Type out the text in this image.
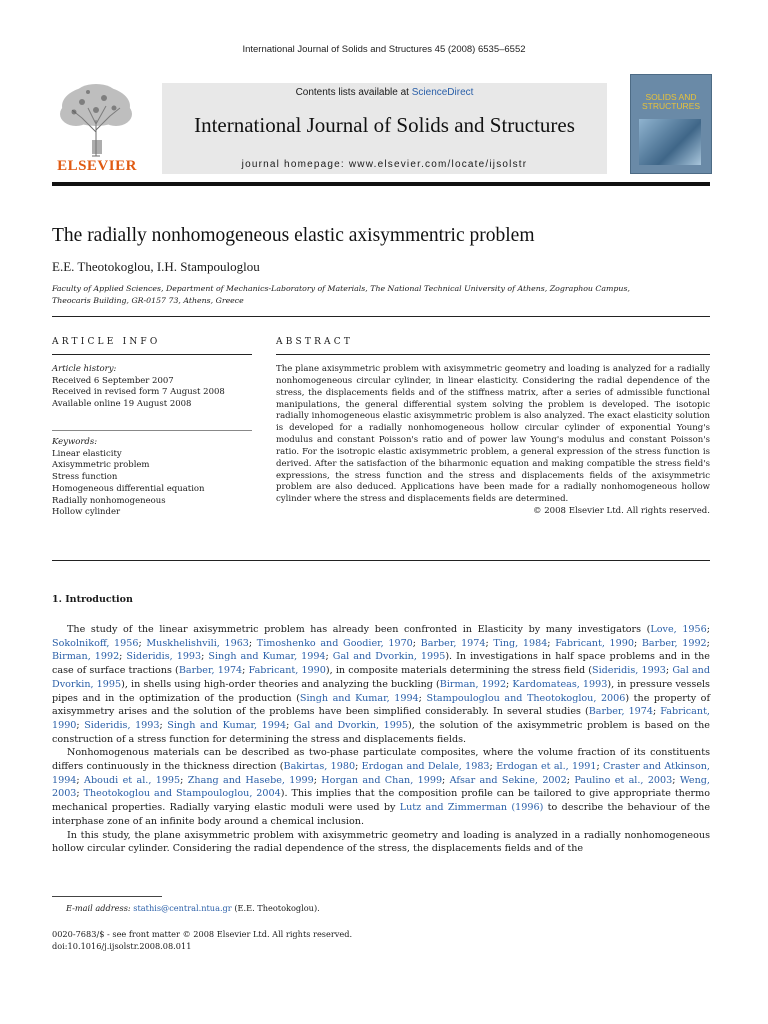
International Journal of Solids and Structures 45 (2008) 6535–6552
ELSEVIER
Contents lists available at ScienceDirect
International Journal of Solids and Structures
journal homepage: www.elsevier.com/locate/ijsolstr
SOLIDS AND
STRUCTURES
The radially nonhomogeneous elastic axisymmentric problem
E.E. Theotokoglou, I.H. Stampouloglou
Faculty of Applied Sciences, Department of Mechanics-Laboratory of Materials, The National Technical University of Athens, Zographou Campus,
Theocaris Building, GR-0157 73, Athens, Greece
ARTICLE INFO	ABSTRACT
Article history:
Received 6 September 2007
Received in revised form 7 August 2008
Available online 19 August 2008
Keywords:
Linear elasticity
Axisymmetric problem
Stress function
Homogeneous differential equation
Radially nonhomogeneous
Hollow cylinder
The plane axisymmetric problem with axisymmetric geometry and loading is analyzed for a radially nonhomogeneous circular cylinder, in linear elasticity. Considering the radial dependence of the stress, the displacements fields and of the stiffness matrix, after a series of admissible functional manipulations, the general differential system solving the problem is developed. The isotopic radially inhomogeneous elastic axisymmetric problem is also analyzed. The exact elasticity solution is developed for a radially nonhomogeneous hollow circular cylinder of exponential Young's modulus and constant Poisson's ratio and of power law Young's modulus and constant Poisson's ratio. For the isotropic elastic axisymmetric problem, a general expression of the stress function is derived. After the satisfaction of the biharmonic equation and making compatible the stress field's expressions, the stress function and the stress and displacements fields of the axisymmetric problem are also deduced. Applications have been made for a radially nonhomogeneous hollow cylinder where the stress and displacements fields are determined.
© 2008 Elsevier Ltd. All rights reserved.
1. Introduction

The study of the linear axisymmetric problem has already been confronted in Elasticity by many investigators (Love, 1956; Sokolnikoff, 1956; Muskhelishvili, 1963; Timoshenko and Goodier, 1970; Barber, 1974; Ting, 1984; Fabricant, 1990; Barber, 1992; Birman, 1992; Sideridis, 1993; Singh and Kumar, 1994; Gal and Dvorkin, 1995). In investigations in half space problems and in the case of surface tractions (Barber, 1974; Fabricant, 1990), in composite materials determining the stress field (Sideridis, 1993; Gal and Dvorkin, 1995), in shells using high-order theories and analyzing the buckling (Birman, 1992; Kardomateas, 1993), in pressure vessels pipes and in the optimization of the production (Singh and Kumar, 1994; Stampouloglou and Theotokoglou, 2006) the property of axisymmetry arises and the solution of the problems have been simplified considerably. In several studies (Barber, 1974; Fabricant, 1990; Sideridis, 1993; Singh and Kumar, 1994; Gal and Dvorkin, 1995), the solution of the axisymmetric problem is based on the construction of a stress function for determining the stress and displacements fields.

Nonhomogenous materials can be described as two-phase particulate composites, where the volume fraction of its constituents differs continuously in the thickness direction (Bakirtas, 1980; Erdogan and Delale, 1983; Erdogan et al., 1991; Craster and Atkinson, 1994; Aboudi et al., 1995; Zhang and Hasebe, 1999; Horgan and Chan, 1999; Afsar and Sekine, 2002; Paulino et al., 2003; Weng, 2003; Theotokoglou and Stampouloglou, 2004). This implies that the composition profile can be tailored to give appropriate thermo mechanical properties. Radially varying elastic moduli were used by Lutz and Zimmerman (1996) to describe the behaviour of the interphase zone of an infinite body around a chemical inclusion.

In this study, the plane axisymmetric problem with axisymmetric geometry and loading is analyzed in a radially nonhomogeneous hollow circular cylinder. Considering the radial dependence of the stress, the displacements fields and of the

E-mail address: stathis@central.ntua.gr (E.E. Theotokoglou).
0020-7683/$ - see front matter © 2008 Elsevier Ltd. All rights reserved.
doi:10.1016/j.ijsolstr.2008.08.011
